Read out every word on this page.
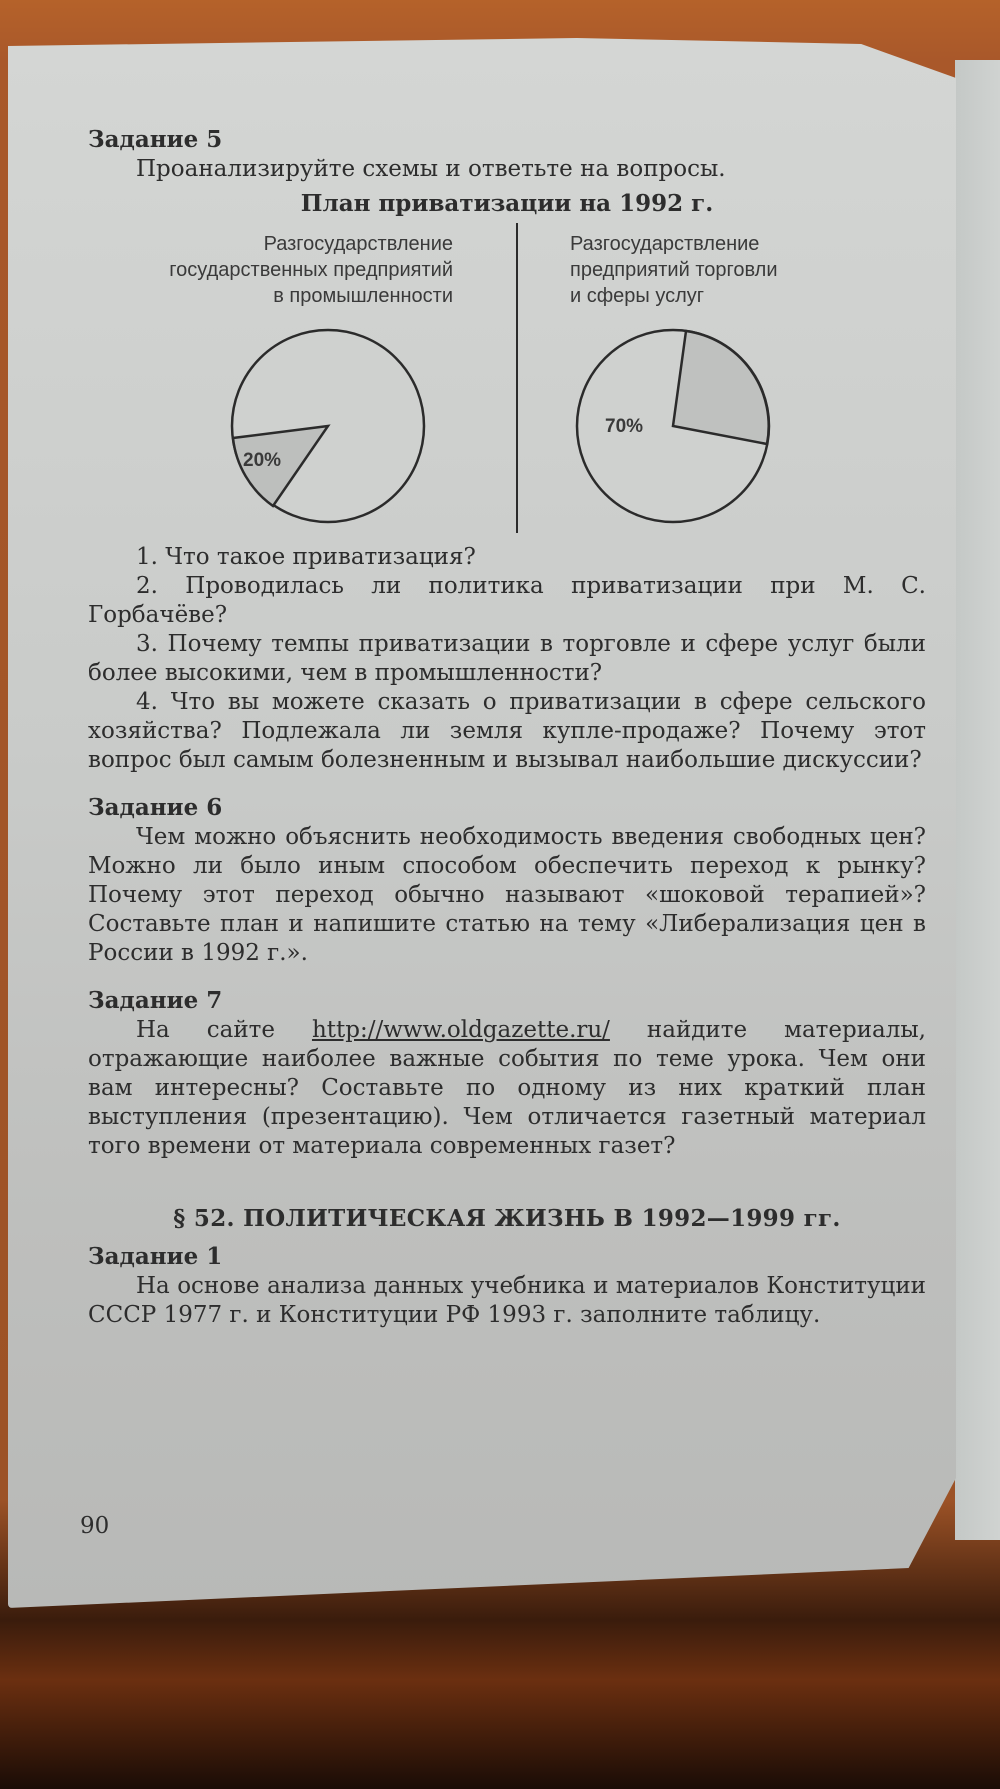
Задание 5

Проанализируйте схемы и ответьте на вопросы.

План приватизации на 1992 г.
Разгосударствление
государственных предприятий
в промышленности
Разгосударствление
предприятий торговли
и сферы услуг
20%
70%

1. Что такое приватизация?

2. Проводилась ли политика приватизации при М. С. Горбачёве?

3. Почему темпы приватизации в торговле и сфере услуг были более высокими, чем в промышленности?

4. Что вы можете сказать о приватизации в сфере сельского хозяйства? Подлежала ли земля купле-продаже? Почему этот вопрос был самым болезненным и вызывал наибольшие дискуссии?

Задание 6

Чем можно объяснить необходимость введения свободных цен? Можно ли было иным способом обеспечить переход к рынку? Почему этот переход обычно называют «шоковой терапией»? Составьте план и напишите статью на тему «Либерализация цен в России в 1992 г.».

Задание 7

На сайте http://www.oldgazette.ru/ найдите материалы, отражающие наиболее важные события по теме урока. Чем они вам интересны? Составьте по одному из них краткий план выступления (презентацию). Чем отличается газетный материал того времени от материала современных газет?

§ 52. ПОЛИТИЧЕСКАЯ ЖИЗНЬ В 1992—1999 гг.
Задание 1

На основе анализа данных учебника и материалов Конституции СССР 1977 г. и Конституции РФ 1993 г. заполните таблицу.

90
